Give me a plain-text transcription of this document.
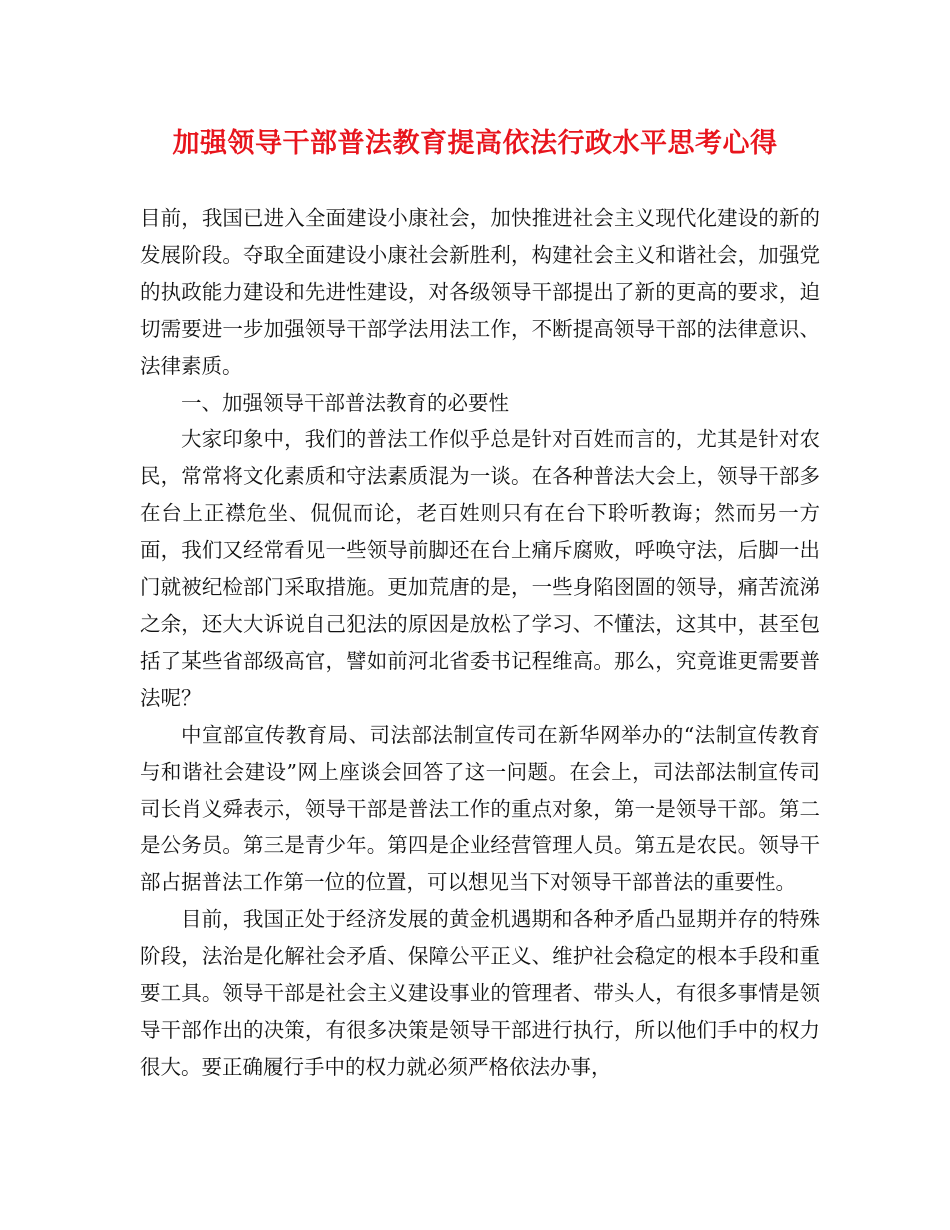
加强领导干部普法教育提高依法行政水平思考心得

目前，我国已进入全面建设小康社会，加快推进社会主义现代化建设的新的发展阶段。夺取全面建设小康社会新胜利，构建社会主义和谐社会，加强党的执政能力建设和先进性建设，对各级领导干部提出了新的更高的要求，迫切需要进一步加强领导干部学法用法工作，不断提高领导干部的法律意识、法律素质。

一、加强领导干部普法教育的必要性

大家印象中，我们的普法工作似乎总是针对百姓而言的，尤其是针对农民，常常将文化素质和守法素质混为一谈。在各种普法大会上，领导干部多在台上正襟危坐、侃侃而论，老百姓则只有在台下聆听教诲；然而另一方面，我们又经常看见一些领导前脚还在台上痛斥腐败，呼唤守法，后脚一出门就被纪检部门采取措施。更加荒唐的是，一些身陷囹圄的领导，痛苦流涕之余，还大大诉说自己犯法的原因是放松了学习、不懂法，这其中，甚至包括了某些省部级高官，譬如前河北省委书记程维高。那么，究竟谁更需要普法呢？

中宣部宣传教育局、司法部法制宣传司在新华网举办的“法制宣传教育与和谐社会建设”网上座谈会回答了这一问题。在会上，司法部法制宣传司司长肖义舜表示，领导干部是普法工作的重点对象，第一是领导干部。第二是公务员。第三是青少年。第四是企业经营管理人员。第五是农民。领导干部占据普法工作第一位的位置，可以想见当下对领导干部普法的重要性。

目前，我国正处于经济发展的黄金机遇期和各种矛盾凸显期并存的特殊阶段，法治是化解社会矛盾、保障公平正义、维护社会稳定的根本手段和重要工具。领导干部是社会主义建设事业的管理者、带头人，有很多事情是领导干部作出的决策，有很多决策是领导干部进行执行，所以他们手中的权力很大。要正确履行手中的权力就必须严格依法办事，
